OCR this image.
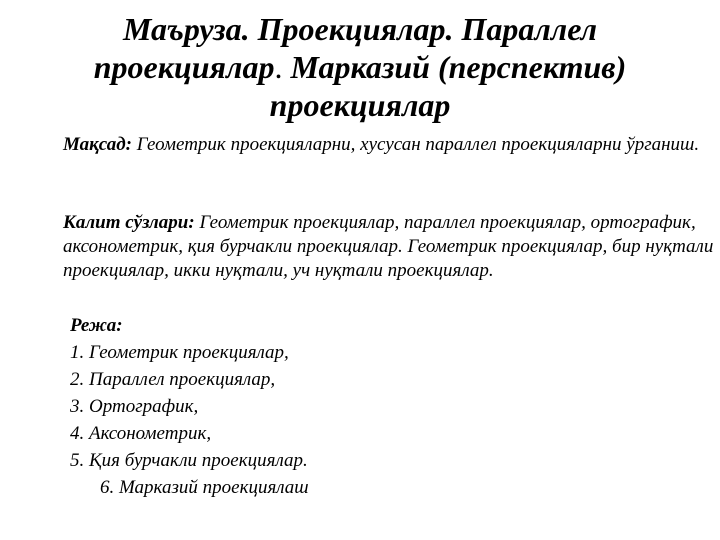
Маъруза. Проекциялар. Параллел
проекциялар. Марказий (перспектив)
проекциялар
Мақсад: Геометрик проекцияларни, хусусан параллел проекцияларни ўрганиш.
Калит сўзлари: Геометрик проекциялар, параллел проекциялар, ортографик, аксонометрик, қия бурчакли проекциялар. Геометрик проекциялар, бир нуқтали проекциялар, икки нуқтали, уч нуқтали проекциялар.
Режа:
1. Геометрик проекциялар,
2. Параллел проекциялар,
3. Ортографик,
4. Аксонометрик,
5. Қия бурчакли проекциялар.
6. Марказий проекциялаш
